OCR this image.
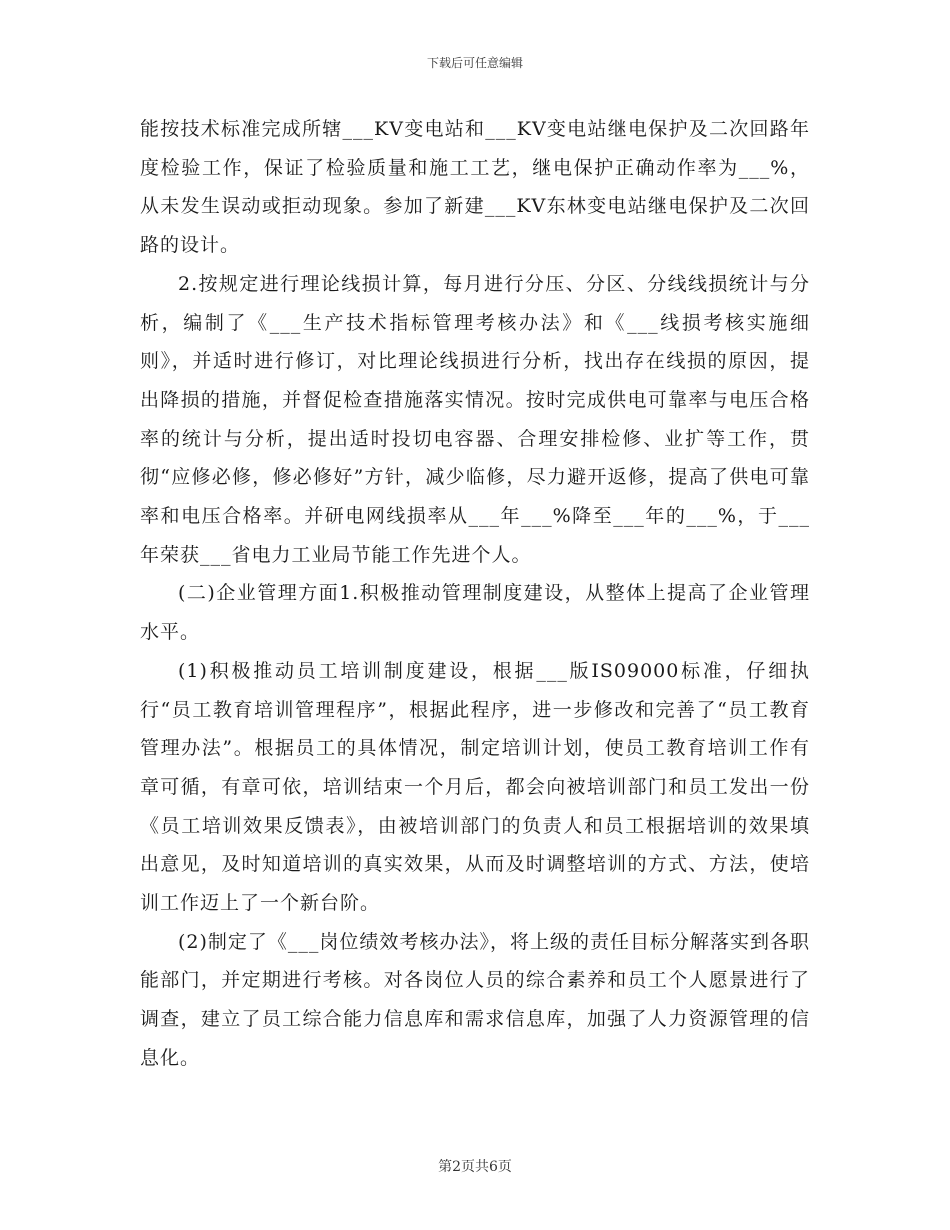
下载后可任意编辑

能按技术标准完成所辖___KV变电站和___KV变电站继电保护及二次回路年度检验工作，保证了检验质量和施工工艺，继电保护正确动作率为___%，从未发生误动或拒动现象。参加了新建___KV东林变电站继电保护及二次回路的设计。

2.按规定进行理论线损计算，每月进行分压、分区、分线线损统计与分析，编制了《___生产技术指标管理考核办法》和《___线损考核实施细则》，并适时进行修订，对比理论线损进行分析，找出存在线损的原因，提出降损的措施，并督促检查措施落实情况。按时完成供电可靠率与电压合格率的统计与分析，提出适时投切电容器、合理安排检修、业扩等工作，贯彻“应修必修，修必修好”方针，减少临修，尽力避开返修，提高了供电可靠率和电压合格率。并研电网线损率从___年___%降至___年的___%，于___年荣获___省电力工业局节能工作先进个人。

(二)企业管理方面1.积极推动管理制度建设，从整体上提高了企业管理水平。

(1)积极推动员工培训制度建设，根据___版IS09000标准，仔细执行“员工教育培训管理程序”，根据此程序，进一步修改和完善了“员工教育管理办法”。根据员工的具体情况，制定培训计划，使员工教育培训工作有章可循，有章可依，培训结束一个月后，都会向被培训部门和员工发出一份《员工培训效果反馈表》，由被培训部门的负责人和员工根据培训的效果填出意见，及时知道培训的真实效果，从而及时调整培训的方式、方法，使培训工作迈上了一个新台阶。

(2)制定了《___岗位绩效考核办法》，将上级的责任目标分解落实到各职能部门，并定期进行考核。对各岗位人员的综合素养和员工个人愿景进行了调查，建立了员工综合能力信息库和需求信息库，加强了人力资源管理的信息化。

第2页共6页
